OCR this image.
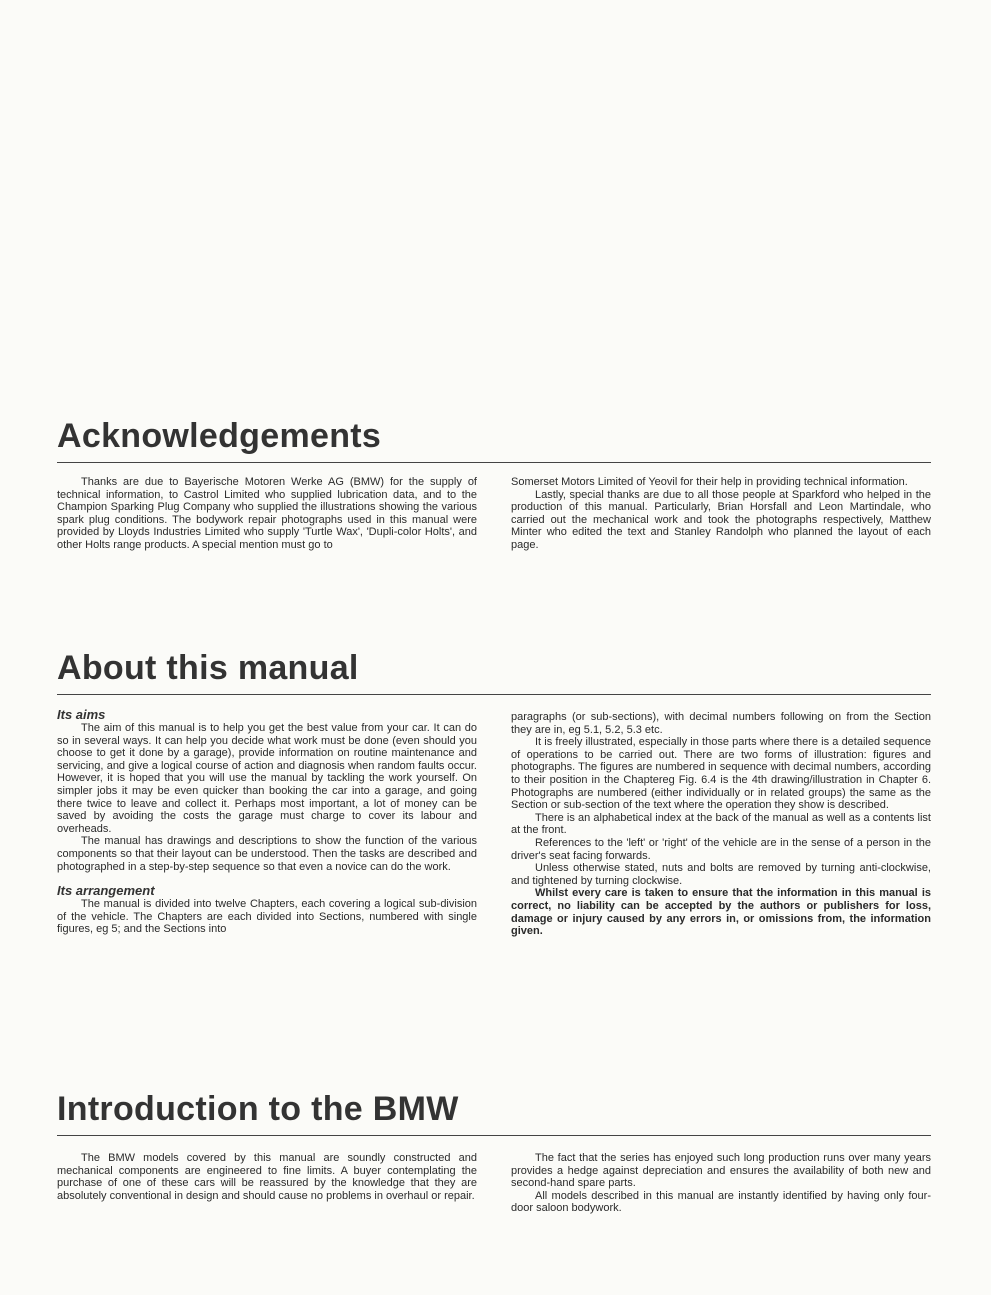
Acknowledgements

Thanks are due to Bayerische Motoren Werke AG (BMW) for the supply of technical information, to Castrol Limited who supplied lubrication data, and to the Champion Sparking Plug Company who supplied the illustrations showing the various spark plug conditions. The bodywork repair photographs used in this manual were provided by Lloyds Industries Limited who supply 'Turtle Wax', 'Dupli-color Holts', and other Holts range products. A special mention must go to

Somerset Motors Limited of Yeovil for their help in providing technical information.

Lastly, special thanks are due to all those people at Sparkford who helped in the production of this manual. Particularly, Brian Horsfall and Leon Martindale, who carried out the mechanical work and took the photographs respectively, Matthew Minter who edited the text and Stanley Randolph who planned the layout of each page.

About this manual
Its aims

The aim of this manual is to help you get the best value from your car. It can do so in several ways. It can help you decide what work must be done (even should you choose to get it done by a garage), provide information on routine maintenance and servicing, and give a logical course of action and diagnosis when random faults occur. However, it is hoped that you will use the manual by tackling the work yourself. On simpler jobs it may be even quicker than booking the car into a garage, and going there twice to leave and collect it. Perhaps most important, a lot of money can be saved by avoiding the costs the garage must charge to cover its labour and overheads.

The manual has drawings and descriptions to show the function of the various components so that their layout can be understood. Then the tasks are described and photographed in a step-by-step sequence so that even a novice can do the work.

Its arrangement

The manual is divided into twelve Chapters, each covering a logical sub-division of the vehicle. The Chapters are each divided into Sections, numbered with single figures, eg 5; and the Sections into

paragraphs (or sub-sections), with decimal numbers following on from the Section they are in, eg 5.1, 5.2, 5.3 etc.

It is freely illustrated, especially in those parts where there is a detailed sequence of operations to be carried out. There are two forms of illustration: figures and photographs. The figures are numbered in sequence with decimal numbers, according to their position in the Chaptereg Fig. 6.4 is the 4th drawing/illustration in Chapter 6. Photographs are numbered (either individually or in related groups) the same as the Section or sub-section of the text where the operation they show is described.

There is an alphabetical index at the back of the manual as well as a contents list at the front.

References to the 'left' or 'right' of the vehicle are in the sense of a person in the driver's seat facing forwards.

Unless otherwise stated, nuts and bolts are removed by turning anti-clockwise, and tightened by turning clockwise.

Whilst every care is taken to ensure that the information in this manual is correct, no liability can be accepted by the authors or publishers for loss, damage or injury caused by any errors in, or omissions from, the information given.

Introduction to the BMW

The BMW models covered by this manual are soundly constructed and mechanical components are engineered to fine limits. A buyer contemplating the purchase of one of these cars will be reassured by the knowledge that they are absolutely conventional in design and should cause no problems in overhaul or repair.

The fact that the series has enjoyed such long production runs over many years provides a hedge against depreciation and ensures the availability of both new and second-hand spare parts.

All models described in this manual are instantly identified by having only four-door saloon bodywork.
